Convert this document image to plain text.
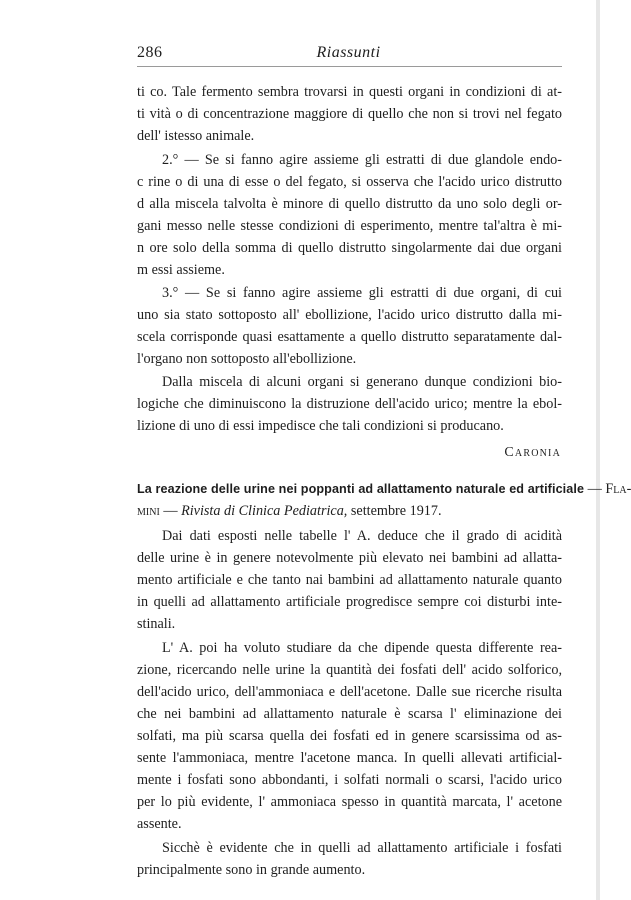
286	Riassunti
ti co. Tale fermento sembra trovarsi in questi organi in condizioni di at-
ti vità o di concentrazione maggiore di quello che non si trovi nel fegato
dell' istesso animale.
2.° — Se si fanno agire assieme gli estratti di due glandole endo-
c rine o di una di esse o del fegato, si osserva che l'acido urico distrutto
d alla miscela talvolta è minore di quello distrutto da uno solo degli or-
gani messo nelle stesse condizioni di esperimento, mentre tal'altra è mi-
n ore solo della somma di quello distrutto singolarmente dai due organi
m essi assieme.
3.° — Se si fanno agire assieme gli estratti di due organi, di cui
uno sia stato sottoposto all' ebollizione, l'acido urico distrutto dalla mi-
scela corrisponde quasi esattamente a quello distrutto separatamente dal-
l'organo non sottoposto all'ebollizione.
Dalla miscela di alcuni organi si generano dunque condizioni bio-
logiche che diminuiscono la distruzione dell'acido urico; mentre la ebol-
lizione di uno di essi impedisce che tali condizioni si producano.
Caronia
La reazione delle urine nei poppanti ad allattamento naturale ed artificiale — Fla-
mini — Rivista di Clinica Pediatrica, settembre 1917.
Dai dati esposti nelle tabelle l' A. deduce che il grado di acidità
delle urine è in genere notevolmente più elevato nei bambini ad allatta-
mento artificiale e che tanto nai bambini ad allattamento naturale quanto
in quelli ad allattamento artificiale progredisce sempre coi disturbi inte-
stinali.
L' A. poi ha voluto studiare da che dipende questa differente rea-
zione, ricercando nelle urine la quantità dei fosfati dell' acido solforico,
dell'acido urico, dell'ammoniaca e dell'acetone. Dalle sue ricerche risulta
che nei bambini ad allattamento naturale è scarsa l' eliminazione dei
solfati, ma più scarsa quella dei fosfati ed in genere scarsissima od as-
sente l'ammoniaca, mentre l'acetone manca. In quelli allevati artificial-
mente i fosfati sono abbondanti, i solfati normali o scarsi, l'acido urico
per lo più evidente, l' ammoniaca spesso in quantità marcata, l' acetone
assente.
Sicchè è evidente che in quelli ad allattamento artificiale i fosfati
principalmente sono in grande aumento.
